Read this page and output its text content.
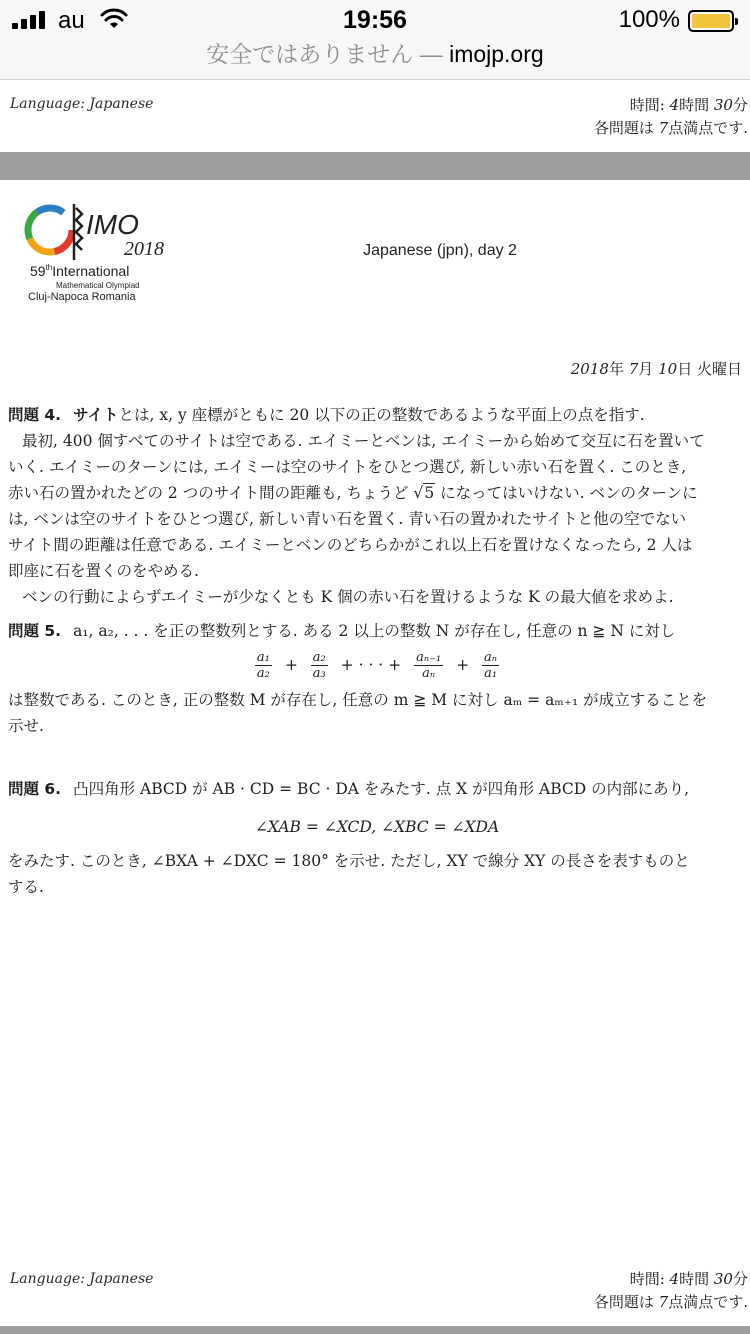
au	19:56	100%
安全ではありません — imojp.org
Language: Japanese	時間: 4時間 30分
各問題は 7点満点です.
IMO
2018
59thInternational
Mathematical Olympiad
Cluj-Napoca Romania
Japanese (jpn), day 2
2018年 7月 10日 火曜日

問題 4. サイトとは, x, y 座標がともに 20 以下の正の整数であるような平面上の点を指す.

最初, 400 個すべてのサイトは空である. エイミーとベンは, エイミーから始めて交互に石を置いて

いく. エイミーのターンには, エイミーは空のサイトをひとつ選び, 新しい赤い石を置く. このとき,

赤い石の置かれたどの 2 つのサイト間の距離も, ちょうど √5 になってはいけない. ベンのターンに

は, ベンは空のサイトをひとつ選び, 新しい青い石を置く. 青い石の置かれたサイトと他の空でない

サイト間の距離は任意である. エイミーとベンのどちらかがこれ以上石を置けなくなったら, 2 人は

即座に石を置くのをやめる.

ベンの行動によらずエイミーが少なくとも K 個の赤い石を置けるような K の最大値を求めよ.

問題 5. a₁, a₂, . . . を正の整数列とする. ある 2 以上の整数 N が存在し, 任意の n ≧ N に対し

$\frac{\text{a₁}}{\text{a₂}} + \frac{\text{a₂}}{\text{a₃}}$ + · · · + $\frac{\text{aₙ₋₁}}{\text{aₙ}} + \frac{\text{aₙ}}{\text{a₁}}$

は整数である. このとき, 正の整数 M が存在し, 任意の m ≧ M に対し aₘ = aₘ₊₁ が成立することを

示せ.

問題 6. 凸四角形 ABCD が AB · CD = BC · DA をみたす. 点 X が四角形 ABCD の内部にあり,

∠XAB = ∠XCD, ∠XBC = ∠XDA

をみたす. このとき, ∠BXA + ∠DXC = 180° を示せ. ただし, XY で線分 XY の長さを表すものと

する.

Language: Japanese	時間: 4時間 30分
各問題は 7点満点です.
